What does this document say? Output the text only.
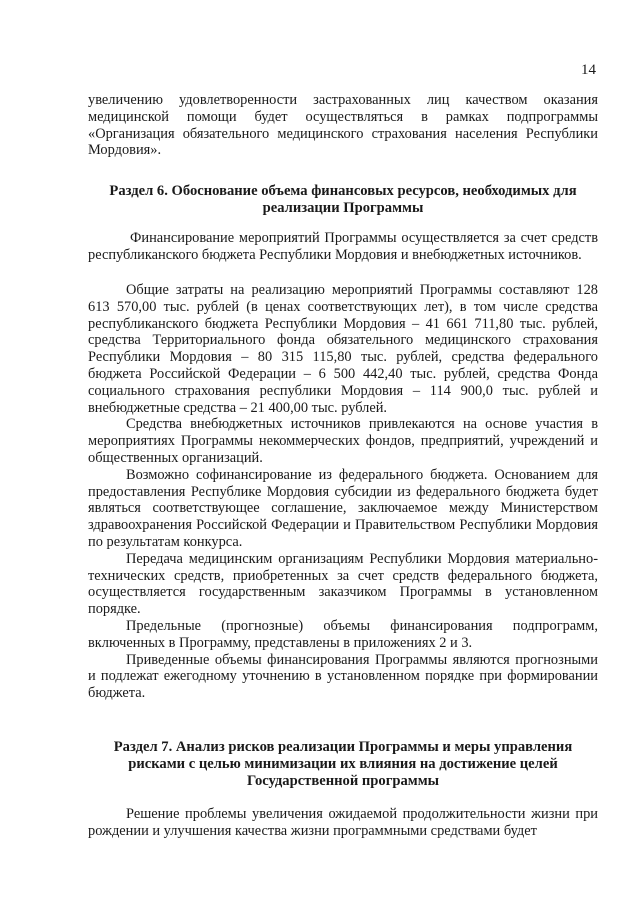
14

увеличению удовлетворенности застрахованных лиц качеством оказания медицинской помощи будет осуществляться в рамках подпрограммы «Организация обязательного медицинского страхования населения Республики Мордовия».

Раздел 6. Обоснование объема финансовых ресурсов, необходимых для реализации Программы

Финансирование мероприятий Программы осуществляется за счет средств республиканского бюджета Республики Мордовия и внебюджетных источников.

Общие затраты на реализацию мероприятий Программы составляют 128 613 570,00 тыс. рублей (в ценах соответствующих лет), в том числе средства республиканского бюджета Республики Мордовия – 41 661 711,80 тыс. рублей, средства Территориального фонда обязательного медицинского страхования Республики Мордовия – 80 315 115,80 тыс. рублей, средства федерального бюджета Российской Федерации – 6 500 442,40 тыс. рублей, средства Фонда социального страхования республики Мордовия – 114 900,0 тыс. рублей и внебюджетные средства – 21 400,00 тыс. рублей.

Средства внебюджетных источников привлекаются на основе участия в мероприятиях Программы некоммерческих фондов, предприятий, учреждений и общественных организаций.

Возможно софинансирование из федерального бюджета. Основанием для предоставления Республике Мордовия субсидии из федерального бюджета будет являться соответствующее соглашение, заключаемое между Министерством здравоохранения Российской Федерации и Правительством Республики Мордовия по результатам конкурса.

Передача медицинским организациям Республики Мордовия материально-технических средств, приобретенных за счет средств федерального бюджета, осуществляется государственным заказчиком Программы в установленном порядке.

Предельные (прогнозные) объемы финансирования подпрограмм, включенных в Программу, представлены в приложениях 2 и 3.

Приведенные объемы финансирования Программы являются прогнозными и подлежат ежегодному уточнению в установленном порядке при формировании бюджета.

Раздел 7. Анализ рисков реализации Программы и меры управления рисками с целью минимизации их влияния на достижение целей Государственной программы

Решение проблемы увеличения ожидаемой продолжительности жизни при рождении и улучшения качества жизни программными средствами будет
